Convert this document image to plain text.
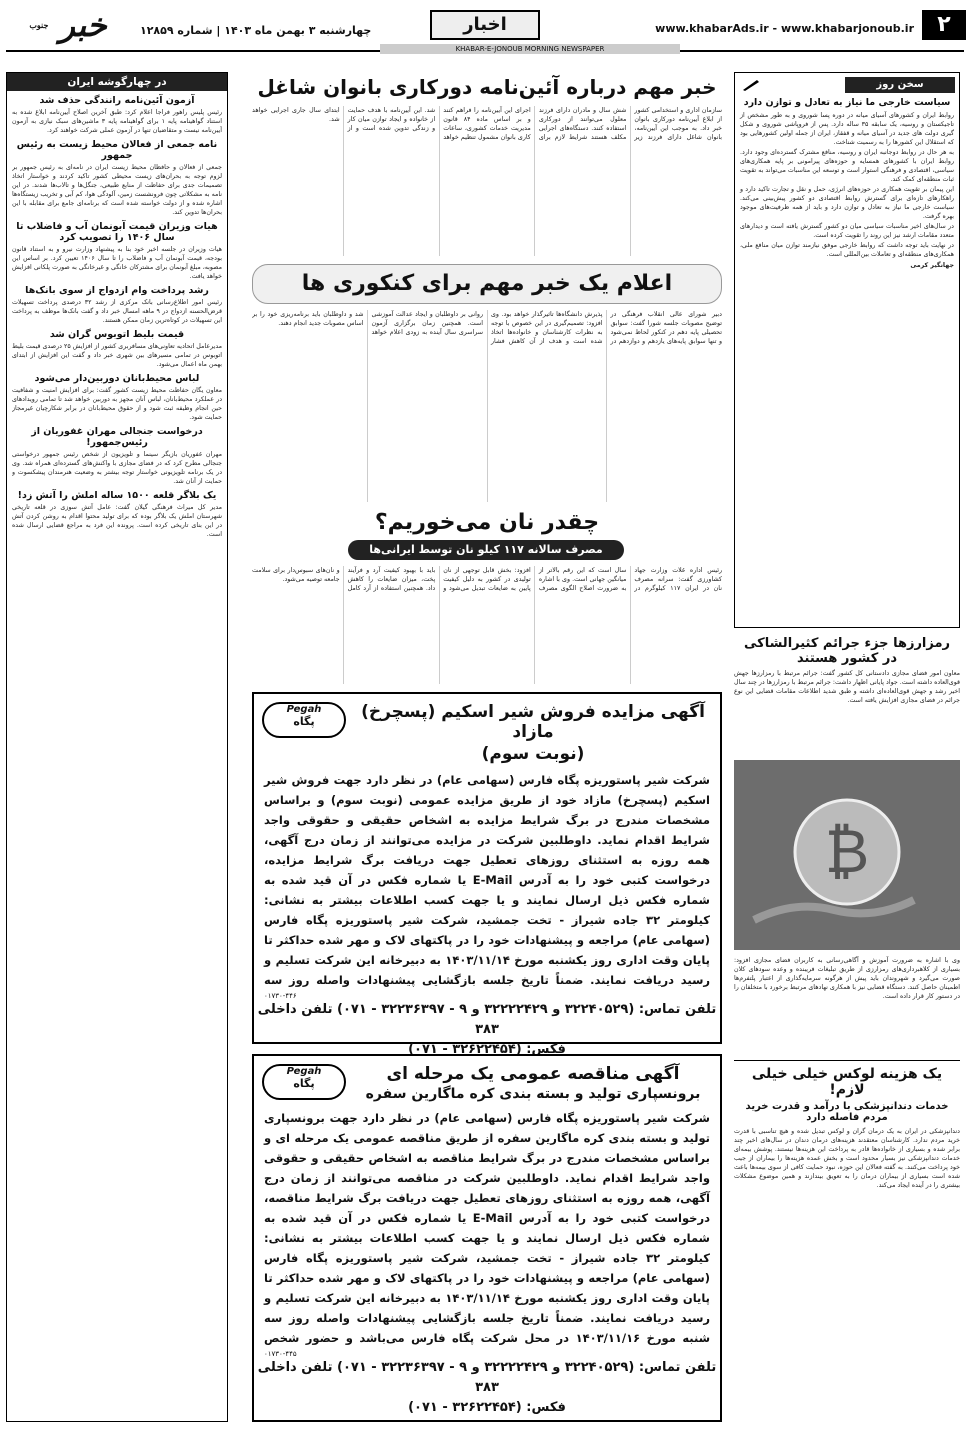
۲
www.khabarAds.ir - www.khabarjonoub.ir
اخبار
چهارشنبه ۳ بهمن ماه ۱۴۰۳ | شماره ۱۲۸۵۹
خبر $^{جنوب}$
KHABAR-E-JONOUB MORNING NEWSPAPER
سخن روز
سیاست خارجی ما نیاز به تعادل و توازن دارد

روابط ایران و کشورهای آسیای میانه در دوره پسا شوروی و به طور مشخص از تاجیکستان و روسیه، یک سابقه ۳۵ ساله دارد. پس از فروپاشی شوروی و شکل گیری دولت های جدید در آسیای میانه و قفقاز، ایران از جمله اولین کشورهایی بود که استقلال این کشورها را به رسمیت شناخت.

به هر حال در روابط دوجانبه ایران و روسیه، منافع مشترک گسترده‌ای وجود دارد. روابط ایران با کشورهای همسایه و حوزه‌های پیرامونی بر پایه همکاری‌های سیاسی، اقتصادی و فرهنگی استوار است و توسعه این مناسبات می‌تواند به تقویت ثبات منطقه‌ای کمک کند.

این پیمان بر تقویت همکاری در حوزه‌های انرژی، حمل و نقل و تجارت تاکید دارد و راهکارهای تازه‌ای برای گسترش روابط اقتصادی دو کشور پیش‌بینی می‌کند. سیاست خارجی ما نیاز به تعادل و توازن دارد و باید از همه ظرفیت‌های موجود بهره گرفت.

در سال‌های اخیر مناسبات سیاسی میان دو کشور گسترش یافته است و دیدارهای متعدد مقامات ارشد نیز این روند را تقویت کرده است.

در نهایت باید توجه داشت که روابط خارجی موفق نیازمند توازن میان منافع ملی، همکاری‌های منطقه‌ای و تعاملات بین‌المللی است.

جهانگیر کرمی

رمزارزها جزء جرائم کثیرالشاکی
در کشور هستند
معاون امور فضای مجازی دادستانی کل کشور گفت: جرائم مرتبط با رمزارزها جهش قوی‌العاده داشته است. جواد پایانی اظهار داشت: جرائم مرتبط با رمزارزها در چند سال اخیر رشد و جهش قوی‌العاده‌ای داشته و طبق شدید اطلاعات مقامات قضایی این نوع جرائم در فضای مجازی افزایش یافته است.
₿
وی با اشاره به ضرورت آموزش و آگاهی‌رسانی به کاربران فضای مجازی افزود: بسیاری از کلاهبرداری‌های رمزارزی از طریق تبلیغات فریبنده و وعده سودهای کلان صورت می‌گیرد و شهروندان باید پیش از هرگونه سرمایه‌گذاری از اعتبار پلتفرم‌ها اطمینان حاصل کنند. دستگاه قضایی نیز با همکاری نهادهای مرتبط برخورد با متخلفان را در دستور کار قرار داده است.
یک هزینه لوکس خیلی خیلی لازم!
خدمات دندانپزشکی با درآمد و قدرت خرید
مردم فاصله دارد
دندانپزشکی در ایران به یک درمان گران و لوکس تبدیل شده و هیچ تناسبی با قدرت خرید مردم ندارد. کارشناسان معتقدند هزینه‌های درمان دندان در سال‌های اخیر چند برابر شده و بسیاری از خانواده‌ها قادر به پرداخت این هزینه‌ها نیستند. پوشش بیمه‌ای خدمات دندانپزشکی نیز بسیار محدود است و بخش عمده هزینه‌ها را بیماران از جیب خود پرداخت می‌کنند. به گفته فعالان این حوزه، نبود حمایت کافی از سوی بیمه‌ها باعث شده است بسیاری از بیماران درمان را به تعویق بیندازند و همین موضوع مشکلات بیشتری را در آینده ایجاد می‌کند.
خبر مهم درباره آئین‌نامه دورکاری بانوان شاغل
سازمان اداری و استخدامی کشور از ابلاغ آیین‌نامه دورکاری بانوان خبر داد. به موجب این آیین‌نامه، بانوان شاغل دارای فرزند زیر شش سال و مادران دارای فرزند معلول می‌توانند از دورکاری استفاده کنند. دستگاه‌های اجرایی مکلف هستند شرایط لازم برای اجرای این آیین‌نامه را فراهم کنند و بر اساس ماده ۸۴ قانون مدیریت خدمات کشوری، ساعات کاری بانوان مشمول تنظیم خواهد شد. این آیین‌نامه با هدف حمایت از خانواده و ایجاد توازن میان کار و زندگی تدوین شده است و از ابتدای سال جاری اجرایی خواهد شد.
اعلام یک خبر مهم برای کنکوری ها
دبیر شورای عالی انقلاب فرهنگی در توضیح مصوبات جلسه شورا گفت: سوابق تحصیلی پایه دهم در کنکور لحاظ نمی‌شود و تنها سوابق پایه‌های یازدهم و دوازدهم در پذیرش دانشگاه‌ها تاثیرگذار خواهد بود. وی افزود: تصمیم‌گیری در این خصوص با توجه به نظرات کارشناسان و خانواده‌ها اتخاذ شده است و هدف از آن کاهش فشار روانی بر داوطلبان و ایجاد عدالت آموزشی است. همچنین زمان برگزاری آزمون سراسری سال آینده به زودی اعلام خواهد شد و داوطلبان باید برنامه‌ریزی خود را بر اساس مصوبات جدید انجام دهند.
چقدر نان می‌خوریم؟
مصرف سالانه ۱۱۷ کیلو نان توسط ایرانی‌ها
رئیس اداره غلات وزارت جهاد کشاورزی گفت: سرانه مصرف نان در ایران ۱۱۷ کیلوگرم در سال است که این رقم بالاتر از میانگین جهانی است. وی با اشاره به ضرورت اصلاح الگوی مصرف افزود: بخش قابل توجهی از نان تولیدی در کشور به دلیل کیفیت پایین به ضایعات تبدیل می‌شود و باید با بهبود کیفیت آرد و فرآیند پخت، میزان ضایعات را کاهش داد. همچنین استفاده از آرد کامل و نان‌های سبوس‌دار برای سلامت جامعه توصیه می‌شود.
Pegah
پگاه	آگهی مزایده فروش شیر اسکیم (پسچرخ) مازاد
(نوبت سوم)
شرکت شیر پاستوریزه پگاه فارس (سهامی عام) در نظر دارد جهت فروش شیر اسکیم (پسچرخ) مازاد خود از طریق مزایده عمومی (نوبت سوم) و براساس مشخصات مندرج در برگ شرایط مزایده به اشخاص حقیقی و حقوقی واجد شرایط اقدام نماید. داوطلبین شرکت در مزایده می‌توانند از زمان درج آگهی، همه روزه به استثنای روزهای تعطیل جهت دریافت برگ شرایط مزایده، درخواست کتبی خود را به آدرس E-Mail یا شماره فکس در آن قید شده به شماره فکس ذیل ارسال نمایند و یا جهت کسب اطلاعات بیشتر به نشانی: کیلومتر ۳۲ جاده شیراز - تخت جمشید، شرکت شیر پاستوریزه پگاه فارس (سهامی عام) مراجعه و پیشنهادات خود را در پاکتهای لاک و مهر شده حداکثر تا پایان وقت اداری روز یکشنبه مورخ ۱۴۰۳/۱۱/۱۴ به دبیرخانه این شرکت تسلیم و رسید دریافت نمایند. ضمناً تاریخ جلسه بازگشایی پیشنهادات واصله روز سه
۰۱۷۳۰-۴۴۶
تلفن تماس: (۳۲۲۴۰۵۲۹ و ۳۲۲۲۲۴۲۹ و ۹ - ۳۲۲۳۶۳۹۷ - ۰۷۱) تلفن داخلی ۳۸۳
فکس: (۳۲۶۲۲۴۵۴ - ۰۷۱)
Pegah
پگاه	آگهی مناقصه عمومی یک مرحله ای
برونسپاری تولید و بسته بندی کره ماگارین سفره
شرکت شیر پاستوریزه پگاه فارس (سهامی عام) در نظر دارد جهت برونسپاری تولید و بسته بندی کره ماگارین سفره از طریق مناقصه عمومی یک مرحله ای و براساس مشخصات مندرج در برگ شرایط مناقصه به اشخاص حقیقی و حقوقی واجد شرایط اقدام نماید. داوطلبین شرکت در مناقصه می‌توانند از زمان درج آگهی، همه روزه به استثنای روزهای تعطیل جهت دریافت برگ شرایط مناقصه، درخواست کتبی خود را به آدرس E-Mail یا شماره فکس در آن قید شده به شماره فکس ذیل ارسال نمایند و یا جهت کسب اطلاعات بیشتر به نشانی: کیلومتر ۳۲ جاده شیراز - تخت جمشید، شرکت شیر پاستوریزه پگاه فارس (سهامی عام) مراجعه و پیشنهادات خود را در پاکتهای لاک و مهر شده حداکثر تا پایان وقت اداری روز یکشنبه مورخ ۱۴۰۳/۱۱/۱۴ به دبیرخانه این شرکت تسلیم و رسید دریافت نمایند. ضمناً تاریخ جلسه بازگشایی پیشنهادات واصله روز سه شنبه مورخ ۱۴۰۳/۱۱/۱۶ در محل شرکت پگاه فارس می‌باشد و حضور شخص
۰۱۷۳۰-۴۴۵
تلفن تماس: (۳۲۲۴۰۵۲۹ و ۳۲۲۲۲۴۲۹ و ۹ - ۳۲۲۳۶۳۹۷ - ۰۷۱) تلفن داخلی ۳۸۳
فکس: (۳۲۶۲۲۴۵۴ - ۰۷۱)
در چهارگوشه ایران
آزمون آئین‌نامه رانندگی حذف شد
رئیس پلیس راهور فراجا اعلام کرد: طبق آخرین اصلاح آیین‌نامه ابلاغ شده به استناد گواهینامه پایه ۱ برای گواهینامه پایه ۳ ماشین‌های سبک نیازی به آزمون آیین‌نامه نیست و متقاضیان تنها در آزمون عملی شرکت خواهند کرد.
نامه جمعی از فعالان محیط زیست به رئیس جمهور
جمعی از فعالان و حافظان محیط زیست ایران در نامه‌ای به رئیس جمهور بر لزوم توجه به بحران‌های زیست محیطی کشور تاکید کردند و خواستار اتخاذ تصمیمات جدی برای حفاظت از منابع طبیعی، جنگل‌ها و تالاب‌ها شدند. در این نامه به مشکلاتی چون فرونشست زمین، آلودگی هوا، کم آبی و تخریب زیستگاه‌ها اشاره شده و از دولت خواسته شده است که برنامه‌ای جامع برای مقابله با این بحران‌ها تدوین کند.
هیات وزیران قیمت آبونمان آب و فاضلاب تا سال ۱۴۰۶ را تصویب کرد
هیات وزیران در جلسه اخیر خود بنا به پیشنهاد وزارت نیرو و به استناد قانون بودجه، قیمت آبونمان آب و فاضلاب را تا سال ۱۴۰۶ تعیین کرد. بر اساس این مصوبه، مبلغ آبونمان برای مشترکان خانگی و غیرخانگی به صورت پلکانی افزایش خواهد یافت.
رشد پرداخت وام ازدواج از سوی بانک‌ها
رئیس امور اطلاع‌رسانی بانک مرکزی از رشد ۳۲ درصدی پرداخت تسهیلات قرض‌الحسنه ازدواج در ۹ ماهه امسال خبر داد و گفت بانک‌ها موظف به پرداخت این تسهیلات در کوتاه‌ترین زمان ممکن هستند.
قیمت بلیط اتوبوس گران شد
مدیرعامل اتحادیه تعاونی‌های مسافربری کشور از افزایش ۲۵ درصدی قیمت بلیط اتوبوس در تمامی مسیرهای بین شهری خبر داد و گفت این افزایش از ابتدای بهمن ماه اعمال می‌شود.
لباس محیط‌بانان دوربین‌دار می‌شود
معاون یگان حفاظت محیط زیست کشور گفت: برای افزایش امنیت و شفافیت در عملکرد محیط‌بانان، لباس آنان مجهز به دوربین خواهد شد تا تمامی رویدادهای حین انجام وظیفه ثبت شود و از حقوق محیط‌بانان در برابر شکارچیان غیرمجاز حمایت شود.
درخواست جنجالی مهران غفوریان از رئیس‌جمهور!
مهران غفوریان بازیگر سینما و تلویزیون از شخص رئیس جمهور درخواستی جنجالی مطرح کرد که در فضای مجازی با واکنش‌های گسترده‌ای همراه شد. وی در یک برنامه تلویزیونی خواستار توجه بیشتر به وضعیت هنرمندان پیشکسوت و حمایت از آنان شد.
یک بلاگر قلعه ۱۵۰۰ ساله املش را آتش زد!
مدیر کل میراث فرهنگی گیلان گفت: عامل آتش سوزی در قلعه تاریخی شهرستان املش یک بلاگر بوده که برای تولید محتوا اقدام به روشن کردن آتش در این بنای تاریخی کرده است. پرونده این فرد به مراجع قضایی ارسال شده است.
